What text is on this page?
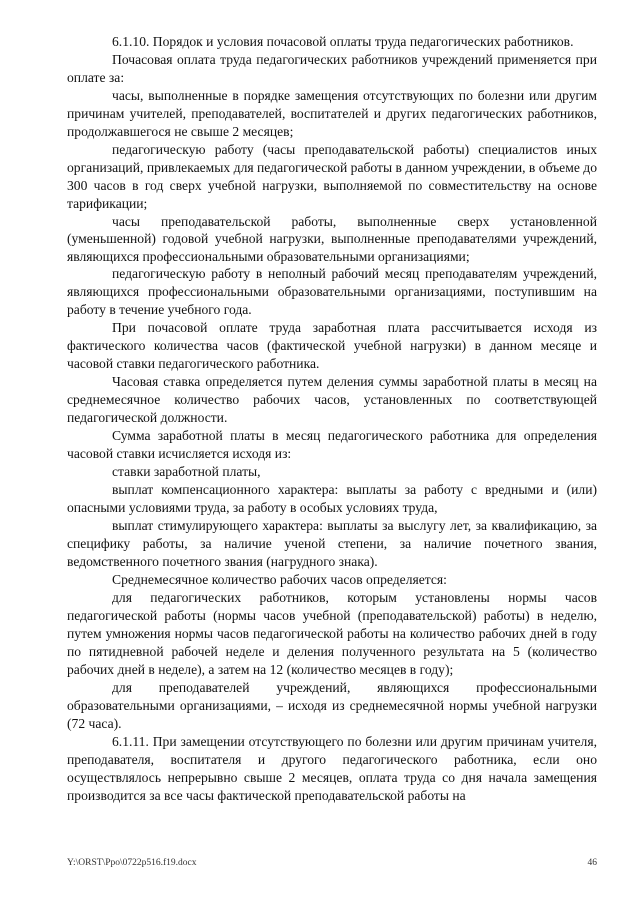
6.1.10. Порядок и условия почасовой оплаты труда педагогических работников.

Почасовая оплата труда педагогических работников учреждений применяется при оплате за:

часы, выполненные в порядке замещения отсутствующих по болезни или другим причинам учителей, преподавателей, воспитателей и других педагогических работников, продолжавшегося не свыше 2 месяцев;

педагогическую работу (часы преподавательской работы) специалистов иных организаций, привлекаемых для педагогической работы в данном учреждении, в объеме до 300 часов в год сверх учебной нагрузки, выполняемой по совместительству на основе тарификации;

часы преподавательской работы, выполненные сверх установленной (уменьшенной) годовой учебной нагрузки, выполненные преподавателями учреждений, являющихся профессиональными образовательными организациями;

педагогическую работу в неполный рабочий месяц преподавателям учреждений, являющихся профессиональными образовательными организациями, поступившим на работу в течение учебного года.

При почасовой оплате труда заработная плата рассчитывается исходя из фактического количества часов (фактической учебной нагрузки) в данном месяце и часовой ставки педагогического работника.

Часовая ставка определяется путем деления суммы заработной платы в месяц на среднемесячное количество рабочих часов, установленных по соответствующей педагогической должности.

Сумма заработной платы в месяц педагогического работника для определения часовой ставки исчисляется исходя из:

ставки заработной платы,

выплат компенсационного характера: выплаты за работу с вредными и (или) опасными условиями труда, за работу в особых условиях труда,

выплат стимулирующего характера: выплаты за выслугу лет, за квалификацию, за специфику работы, за наличие ученой степени, за наличие почетного звания, ведомственного почетного звания (нагрудного знака).

Среднемесячное количество рабочих часов определяется:

для педагогических работников, которым установлены нормы часов педагогической работы (нормы часов учебной (преподавательской) работы) в неделю, путем умножения нормы часов педагогической работы на количество рабочих дней в году по пятидневной рабочей неделе и деления полученного результата на 5 (количество рабочих дней в неделе), а затем на 12 (количество месяцев в году);

для преподавателей учреждений, являющихся профессиональными образовательными организациями, – исходя из среднемесячной нормы учебной нагрузки (72 часа).

6.1.11. При замещении отсутствующего по болезни или другим причинам учителя, преподавателя, воспитателя и другого педагогического работника, если оно осуществлялось непрерывно свыше 2 месяцев, оплата труда со дня начала замещения производится за все часы фактической преподавательской работы на

Y:\ORST\Ppo\0722p516.f19.docx	46
